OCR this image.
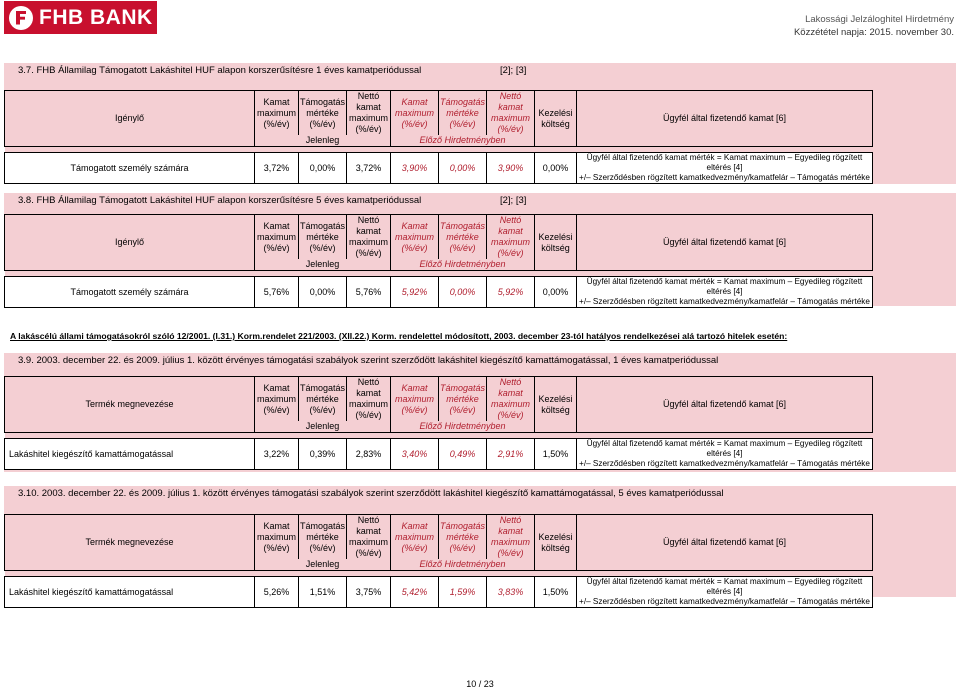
FHB BANK	Lakossági Jelzáloghitel Hirdetmény
Közzététel napja: 2015. november 30.
3.7. FHB Államilag Támogatott Lakáshitel HUF alapon korszerűsítésre 1 éves kamatperiódussal	[2]; [3]
Igénylő	Kamat
maximum
(%/év)	Támogatás
mértéke
(%/év)	Nettó kamat
maximum
(%/év)	Kamat
maximum
(%/év)	Támogatás
mértéke
(%/év)	Nettó kamat
maximum
(%/év)	Kezelési
költség	Ügyfél által fizetendő kamat [6]
	Jelenleg			Előző Hirdetményben				

Támogatott személy számára	3,72%	0,00%	3,72%	3,90%	0,00%	3,90%	0,00%	Ügyfél által fizetendő kamat mérték = Kamat maximum – Egyedileg rögzített eltérés [4]
+/– Szerződésben rögzített kamatkedvezmény/kamatfelár – Támogatás mértéke
3.8. FHB Államilag Támogatott Lakáshitel HUF alapon korszerűsítésre 5 éves kamatperiódussal	[2]; [3]
Igénylő	Kamat
maximum
(%/év)	Támogatás
mértéke
(%/év)	Nettó kamat
maximum
(%/év)	Kamat
maximum
(%/év)	Támogatás
mértéke
(%/év)	Nettó kamat
maximum
(%/év)	Kezelési
költség	Ügyfél által fizetendő kamat [6]
	Jelenleg			Előző Hirdetményben				

Támogatott személy számára	5,76%	0,00%	5,76%	5,92%	0,00%	5,92%	0,00%	Ügyfél által fizetendő kamat mérték = Kamat maximum – Egyedileg rögzített eltérés [4]
+/– Szerződésben rögzített kamatkedvezmény/kamatfelár – Támogatás mértéke
3.9. 2003. december 22. és 2009. július 1. között érvényes támogatási szabályok szerint szerződött lakáshitel kiegészítő kamattámogatással, 1 éves kamatperiódussal
Termék megnevezése	Kamat
maximum
(%/év)	Támogatás
mértéke
(%/év)	Nettó kamat
maximum
(%/év)	Kamat
maximum
(%/év)	Támogatás
mértéke
(%/év)	Nettó kamat
maximum
(%/év)	Kezelési
költség	Ügyfél által fizetendő kamat [6]
	Jelenleg			Előző Hirdetményben				

Lakáshitel kiegészítő kamattámogatással	3,22%	0,39%	2,83%	3,40%	0,49%	2,91%	1,50%	Ügyfél által fizetendő kamat mérték = Kamat maximum – Egyedileg rögzített eltérés [4]
+/– Szerződésben rögzített kamatkedvezmény/kamatfelár – Támogatás mértéke
3.10. 2003. december 22. és 2009. július 1. között érvényes támogatási szabályok szerint szerződött lakáshitel kiegészítő kamattámogatással, 5 éves kamatperiódussal
Termék megnevezése	Kamat
maximum
(%/év)	Támogatás
mértéke
(%/év)	Nettó kamat
maximum
(%/év)	Kamat
maximum
(%/év)	Támogatás
mértéke
(%/év)	Nettó kamat
maximum
(%/év)	Kezelési
költség	Ügyfél által fizetendő kamat [6]
	Jelenleg			Előző Hirdetményben				

Lakáshitel kiegészítő kamattámogatással	5,26%	1,51%	3,75%	5,42%	1,59%	3,83%	1,50%	Ügyfél által fizetendő kamat mérték = Kamat maximum – Egyedileg rögzített eltérés [4]
+/– Szerződésben rögzített kamatkedvezmény/kamatfelár – Támogatás mértéke
A lakáscélú állami támogatásokról szóló 12/2001. (I.31.) Korm.rendelet 221/2003. (XII.22.) Korm. rendelettel módosított, 2003. december 23-tól hatályos rendelkezései alá tartozó hitelek esetén:
10 / 23
